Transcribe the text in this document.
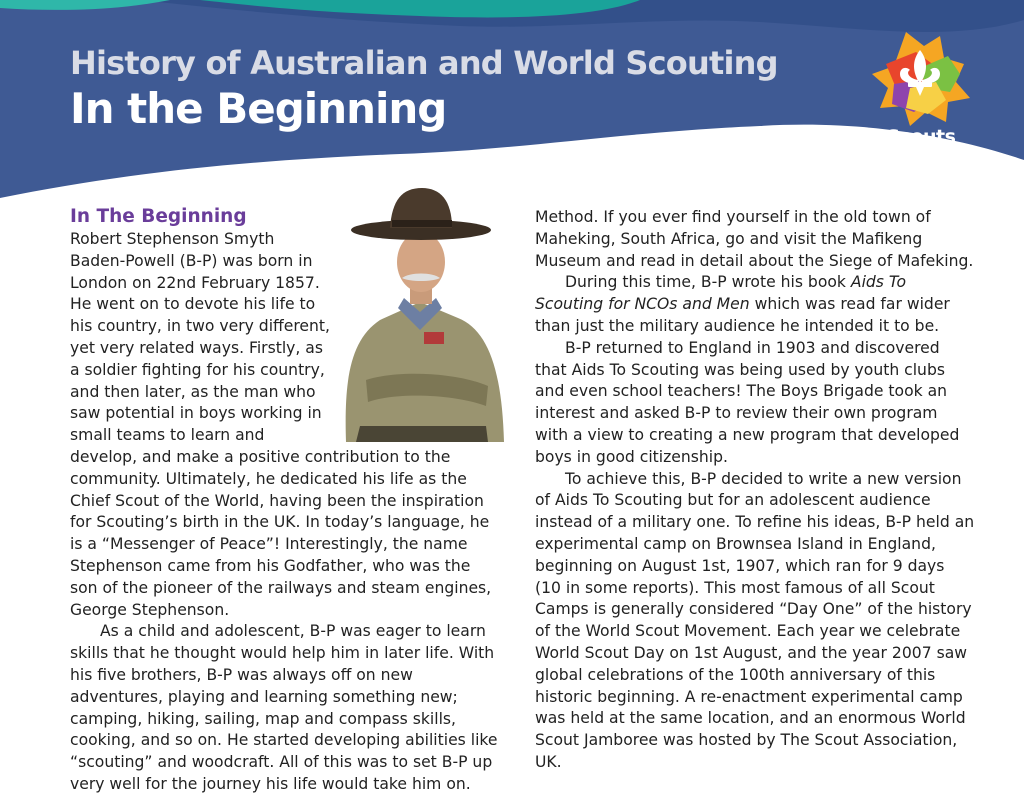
History of Australian and World Scouting
In the Beginning
Scouts
AUSTRALIA
In The Beginning

Robert Stephenson Smyth Baden-Powell (B-P) was born in London on 22nd February 1857. He went on to devote his life to his country, in two very different, yet very related ways. Firstly, as a soldier fighting for his country, and then later, as the man who saw potential in boys working in small teams to learn and develop, and make a positive contribution to the community. Ultimately, he dedicated his life as the Chief Scout of the World, having been the inspiration for Scouting’s birth in the UK. In today’s language, he is a “Messenger of Peace”! Interestingly, the name Stephenson came from his Godfather, who was the son of the pioneer of the railways and steam engines, George Stephenson.

As a child and adolescent, B-P was eager to learn skills that he thought would help him in later life. With his five brothers, B-P was always off on new adventures, playing and learning something new; camping, hiking, sailing, map and compass skills, cooking, and so on. He started developing abilities like “scouting” and woodcraft. All of this was to set B-P up very well for the journey his life would take him on.

Method. If you ever find yourself in the old town of Maheking, South Africa, go and visit the Mafikeng Museum and read in detail about the Siege of Mafeking.

During this time, B-P wrote his book Aids To Scouting for NCOs and Men which was read far wider than just the military audience he intended it to be.

B-P returned to England in 1903 and discovered that Aids To Scouting was being used by youth clubs and even school teachers! The Boys Brigade took an interest and asked B-P to review their own program with a view to creating a new program that developed boys in good citizenship.

To achieve this, B-P decided to write a new version of Aids To Scouting but for an adolescent audience instead of a military one. To refine his ideas, B-P held an experimental camp on Brownsea Island in England, beginning on August 1st, 1907, which ran for 9 days (10 in some reports). This most famous of all Scout Camps is generally considered “Day One” of the history of the World Scout Movement. Each year we celebrate World Scout Day on 1st August, and the year 2007 saw global celebrations of the 100th anniversary of this historic beginning. A re-enactment experimental camp was held at the same location, and an enormous World Scout Jamboree was hosted by The Scout Association, UK.
